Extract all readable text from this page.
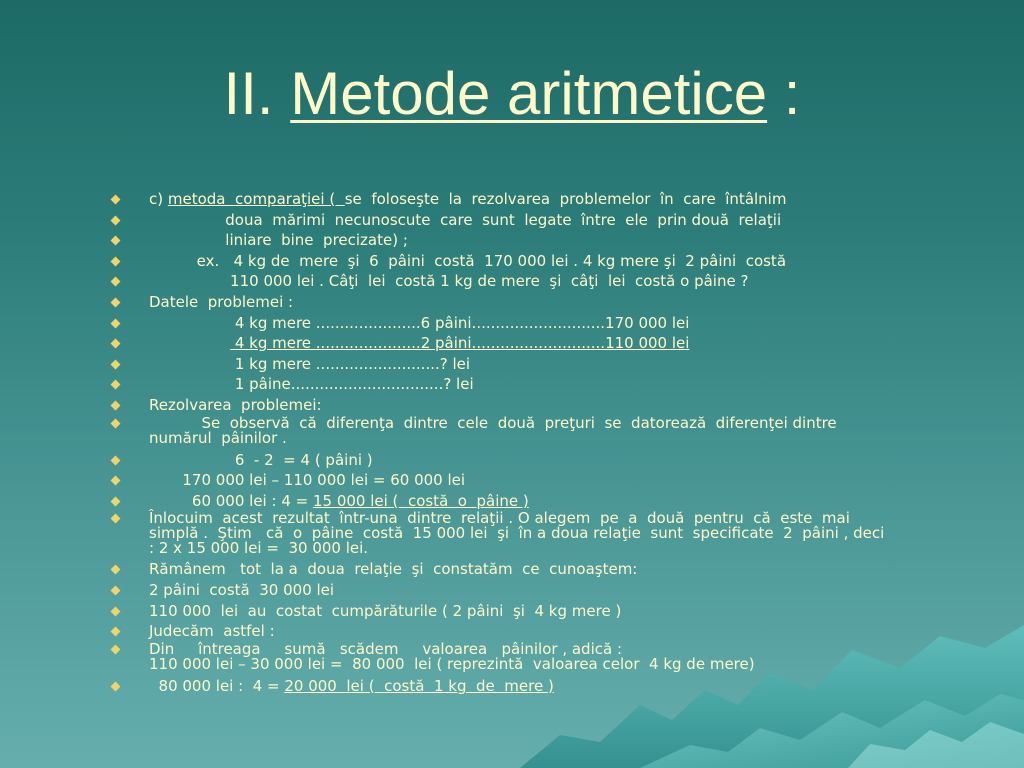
II. Metode aritmetice :
c) metoda  comparaţiei (  se  foloseşte  la  rezolvarea  problemelor  în  care  întâlnim
doua  mărimi  necunoscute  care  sunt  legate  între  ele  prin două  relaţii
liniare  bine  precizate) ;
ex.   4 kg de  mere  şi  6  pâini  costă  170 000 lei . 4 kg mere şi  2 pâini  costă
110 000 lei . Câţi  lei  costă 1 kg de mere  şi  câţi  lei  costă o pâine ?
Datele  problemei :
4 kg mere ......................6 pâini............................170 000 lei
4 kg mere ......................2 pâini............................110 000 lei
1 kg mere ..........................? lei
1 pâine................................? lei
Rezolvarea  problemei:
Se  observă  că  diferenţa  dintre  cele  două  preţuri  se  datorează  diferenţei dintre
numărul  pâinilor .
6  - 2  = 4 ( pâini )
170 000 lei – 110 000 lei = 60 000 lei
60 000 lei : 4 = 15 000 lei (  costă  o  pâine )
Înlocuim  acest  rezultat  într-una  dintre  relaţii . O alegem  pe  a  două  pentru  că  este  mai
simplă .  Ştim   că  o  pâine  costă  15 000 lei  şi  în a doua relaţie  sunt  specificate  2  pâini , deci
: 2 x 15 000 lei =  30 000 lei.
Rămânem   tot  la a  doua  relaţie  şi  constatăm  ce  cunoaştem:
2 pâini  costă  30 000 lei
110 000  lei  au  costat  cumpărăturile ( 2 pâini  şi  4 kg mere )
Judecăm  astfel :
Din     întreaga     sumă   scădem     valoarea   pâinilor , adică :
110 000 lei – 30 000 lei =  80 000  lei ( reprezintă  valoarea celor  4 kg de mere)
80 000 lei :  4 = 20 000  lei (  costă  1 kg  de  mere )
